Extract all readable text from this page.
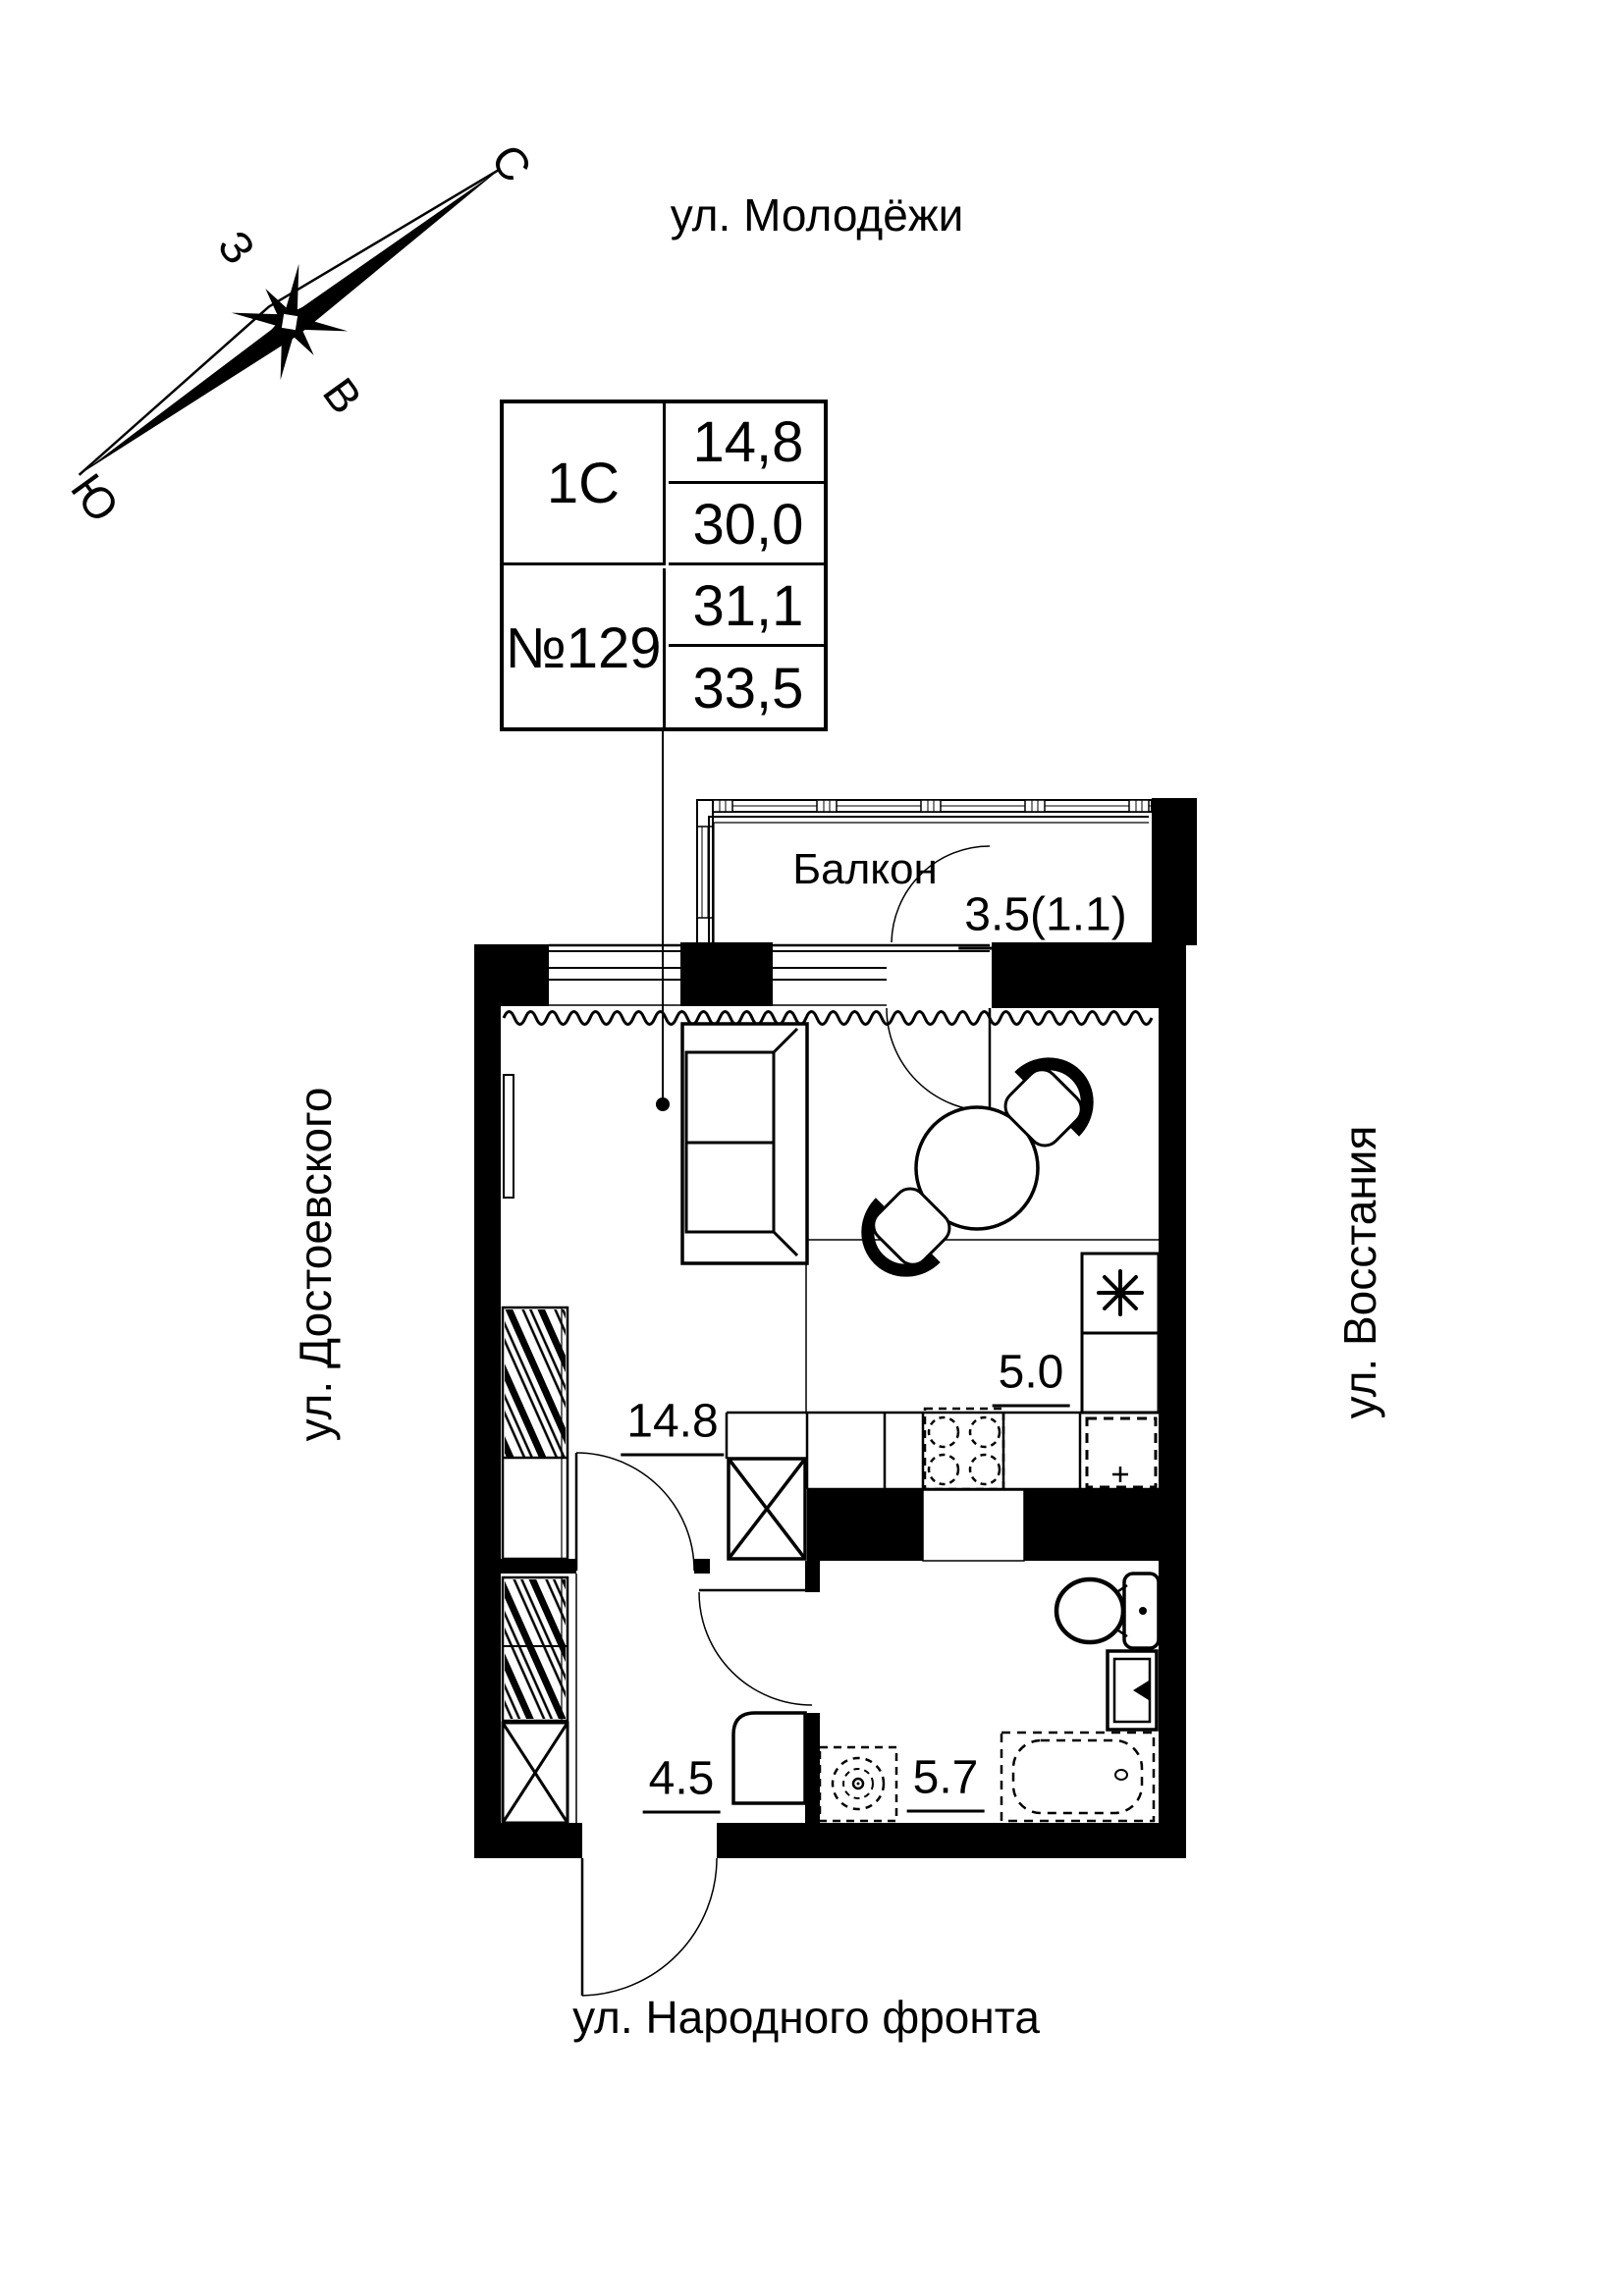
С
З
В
Ю
ул. Молодёжи
ул. Народного фронта
ул. Достоевского	ул. Восстания
1С
14,8
30,0
№129
31,1
33,5
Балкон
3.5(1.1)
14.8
5.0
4.5	5.7
